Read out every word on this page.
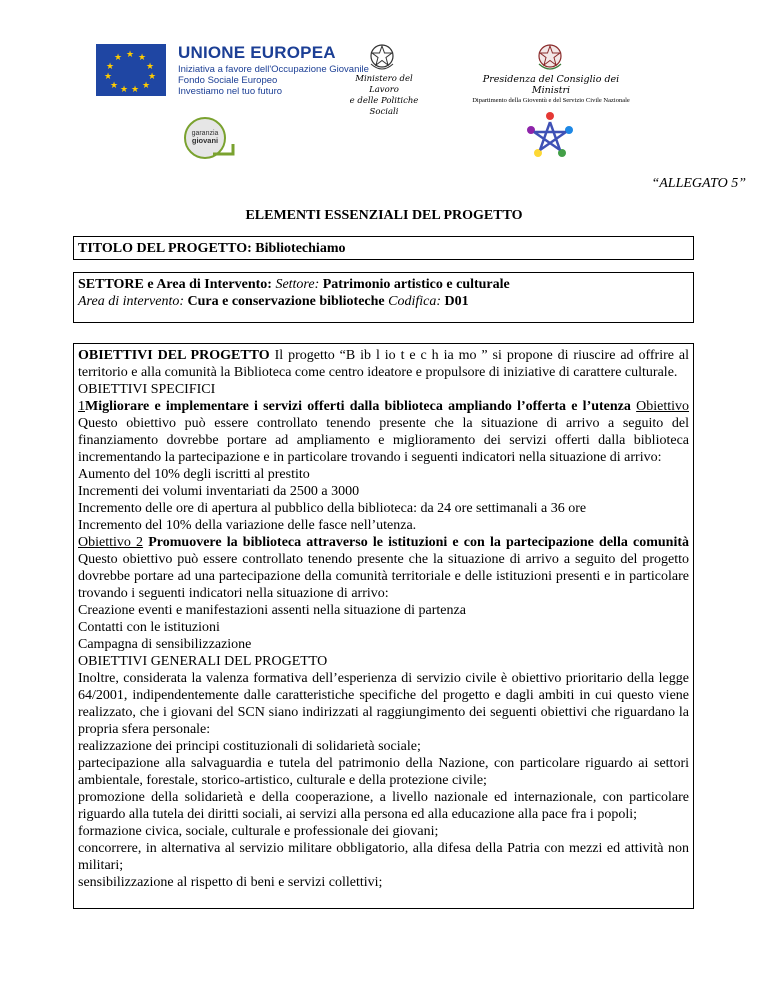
★ ★
★
★
★
★
★
★
★
★
★	UNIONE EUROPEA
Iniziativa a favore dell'Occupazione Giovanile
Fondo Sociale Europeo
Investiamo nel tuo futuro
Ministero del Lavoro
e delle Politiche Sociali
Presidenza del Consiglio dei Ministri
Dipartimento della Gioventù e del Servizio Civile Nazionale
garanzia
giovani
“ALLEGATO 5”
ELEMENTI ESSENZIALI DEL PROGETTO
TITOLO DEL PROGETTO: Bibliotechiamo
SETTORE e Area di Intervento: Settore: Patrimonio artistico e culturale
Area di intervento: Cura e conservazione biblioteche Codifica: D01

OBIETTIVI DEL PROGETTO Il progetto “B ib l io t e c h ia mo ” si propone di riuscire ad offrire al territorio e alla comunità la Biblioteca come centro ideatore e propulsore di iniziative di carattere culturale.

OBIETTIVI SPECIFICI

1Migliorare e implementare i servizi offerti dalla biblioteca ampliando l’offerta e l’utenza Obiettivo Questo obiettivo può essere controllato tenendo presente che la situazione di arrivo a seguito del finanziamento dovrebbe portare ad ampliamento e miglioramento dei servizi offerti dalla biblioteca incrementando la partecipazione e in particolare trovando i seguenti indicatori nella situazione di arrivo:

Aumento del 10% degli iscritti al prestito

Incrementi dei volumi inventariati da 2500 a 3000

Incremento delle ore di apertura al pubblico della biblioteca: da 24 ore settimanali a 36 ore

Incremento del 10% della variazione delle fasce nell’utenza.

Obiettivo 2 Promuovere la biblioteca attraverso le istituzioni e con la partecipazione della comunità Questo obiettivo può essere controllato tenendo presente che la situazione di arrivo a seguito del progetto dovrebbe portare ad una partecipazione della comunità territoriale e delle istituzioni presenti e in particolare trovando i seguenti indicatori nella situazione di arrivo:

Creazione eventi e manifestazioni assenti nella situazione di partenza

Contatti con le istituzioni

Campagna di sensibilizzazione

OBIETTIVI GENERALI DEL PROGETTO

Inoltre, considerata la valenza formativa dell’esperienza di servizio civile è obiettivo prioritario della legge 64/2001, indipendentemente dalle caratteristiche specifiche del progetto e dagli ambiti in cui questo viene realizzato, che i giovani del SCN siano indirizzati al raggiungimento dei seguenti obiettivi che riguardano la propria sfera personale:

realizzazione dei principi costituzionali di solidarietà sociale;

partecipazione alla salvaguardia e tutela del patrimonio della Nazione, con particolare riguardo ai settori ambientale, forestale, storico-artistico, culturale e della protezione civile;

promozione della solidarietà e della cooperazione, a livello nazionale ed internazionale, con particolare riguardo alla tutela dei diritti sociali, ai servizi alla persona ed alla educazione alla pace fra i popoli;

formazione civica, sociale, culturale e professionale dei giovani;

concorrere, in alternativa al servizio militare obbligatorio, alla difesa della Patria con mezzi ed attività non militari;

sensibilizzazione al rispetto di beni e servizi collettivi;
